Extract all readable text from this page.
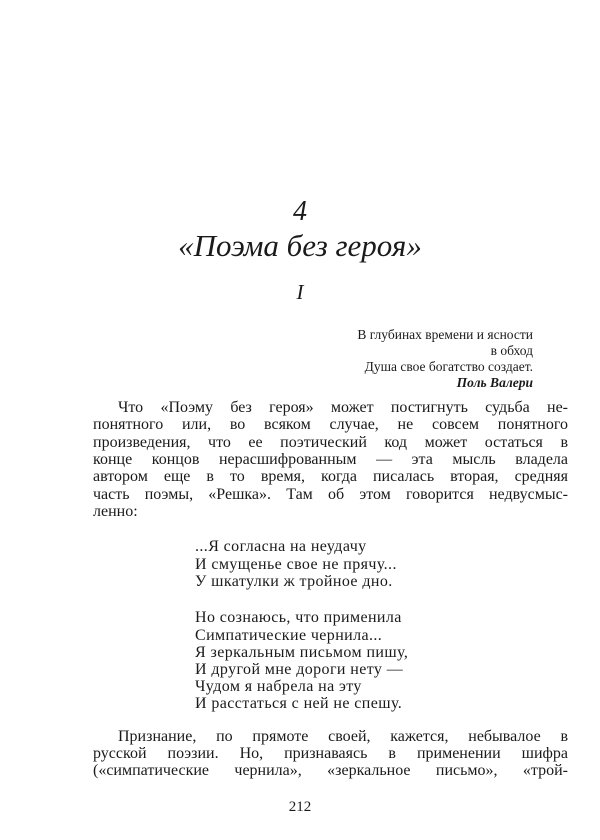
4
«Поэма без героя»
I
В глубинах времени и ясности
в обход
Душа свое богатство создает.
Поль Валери
Что «Поэму без героя» может постигнуть судьба не-
понятного или, во всяком случае, не совсем понятного
произведения, что ее поэтический код может остаться в
конце концов нерасшифрованным — эта мысль владела
автором еще в то время, когда писалась вторая, средняя
часть поэмы, «Решка». Там об этом говорится недвусмыс-
ленно:
...Я согласна на неудачу
И смущенье свое не прячу...
У шкатулки ж тройное дно.
Но сознаюсь, что применила
Симпатические чернила...
Я зеркальным письмом пишу,
И другой мне дороги нету —
Чудом я набрела на эту
И расстаться с ней не спешу.
Признание, по прямоте своей, кажется, небывалое в
русской поэзии. Но, признаваясь в применении шифра
(«симпатические чернила», «зеркальное письмо», «трой-
212
